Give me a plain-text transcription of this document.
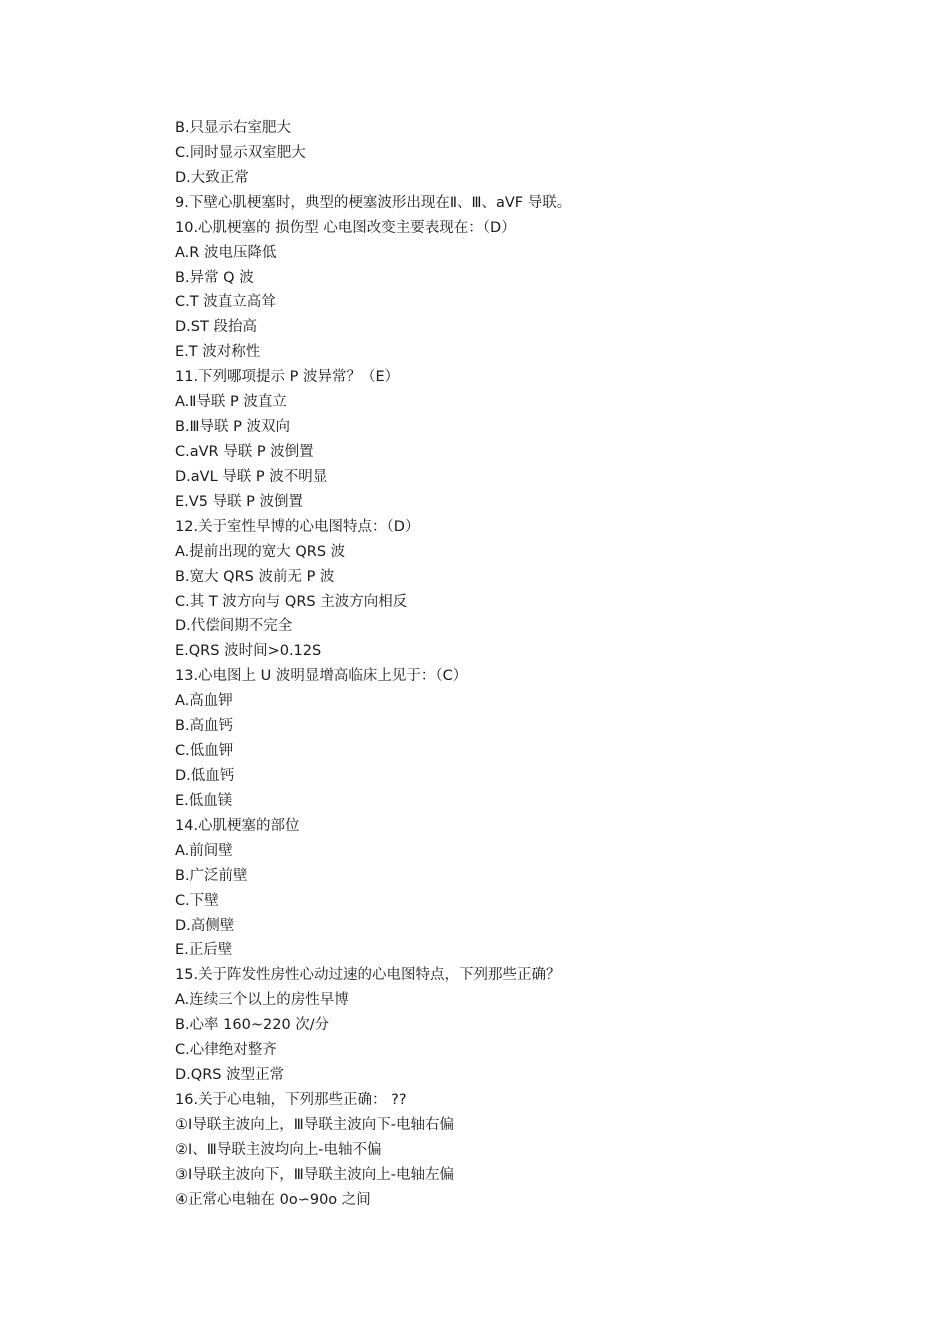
B.只显示右室肥大
C.同时显示双室肥大
D.大致正常
9.下壁心肌梗塞时，典型的梗塞波形出现在Ⅱ、Ⅲ、aVF 导联。
10.心肌梗塞的 损伤型 心电图改变主要表现在：（D）
A.R 波电压降低
B.异常 Q 波
C.T 波直立高耸
D.ST 段抬高
E.T 波对称性
11.下列哪项提示 P 波异常？（E）
A.Ⅱ导联 P 波直立
B.Ⅲ导联 P 波双向
C.aVR 导联 P 波倒置
D.aVL 导联 P 波不明显
E.V5 导联 P 波倒置
12.关于室性早博的心电图特点：（D）
A.提前出现的宽大 QRS 波
B.宽大 QRS 波前无 P 波
C.其 T 波方向与 QRS 主波方向相反
D.代偿间期不完全
E.QRS 波时间>0.12S
13.心电图上 U 波明显增高临床上见于：（C）
A.高血钾
B.高血钙
C.低血钾
D.低血钙
E.低血镁
14.心肌梗塞的部位
A.前间壁
B.广泛前壁
C.下壁
D.高侧壁
E.正后壁
15.关于阵发性房性心动过速的心电图特点，下列那些正确？
A.连续三个以上的房性早博
B.心率 160~220 次/分
C.心律绝对整齐
D.QRS 波型正常
16.关于心电轴，下列那些正确： ??
①Ⅰ导联主波向上，Ⅲ导联主波向下-电轴右偏
②Ⅰ、Ⅲ导联主波均向上-电轴不偏
③Ⅰ导联主波向下，Ⅲ导联主波向上-电轴左偏
④正常心电轴在 0o∽90o 之间
